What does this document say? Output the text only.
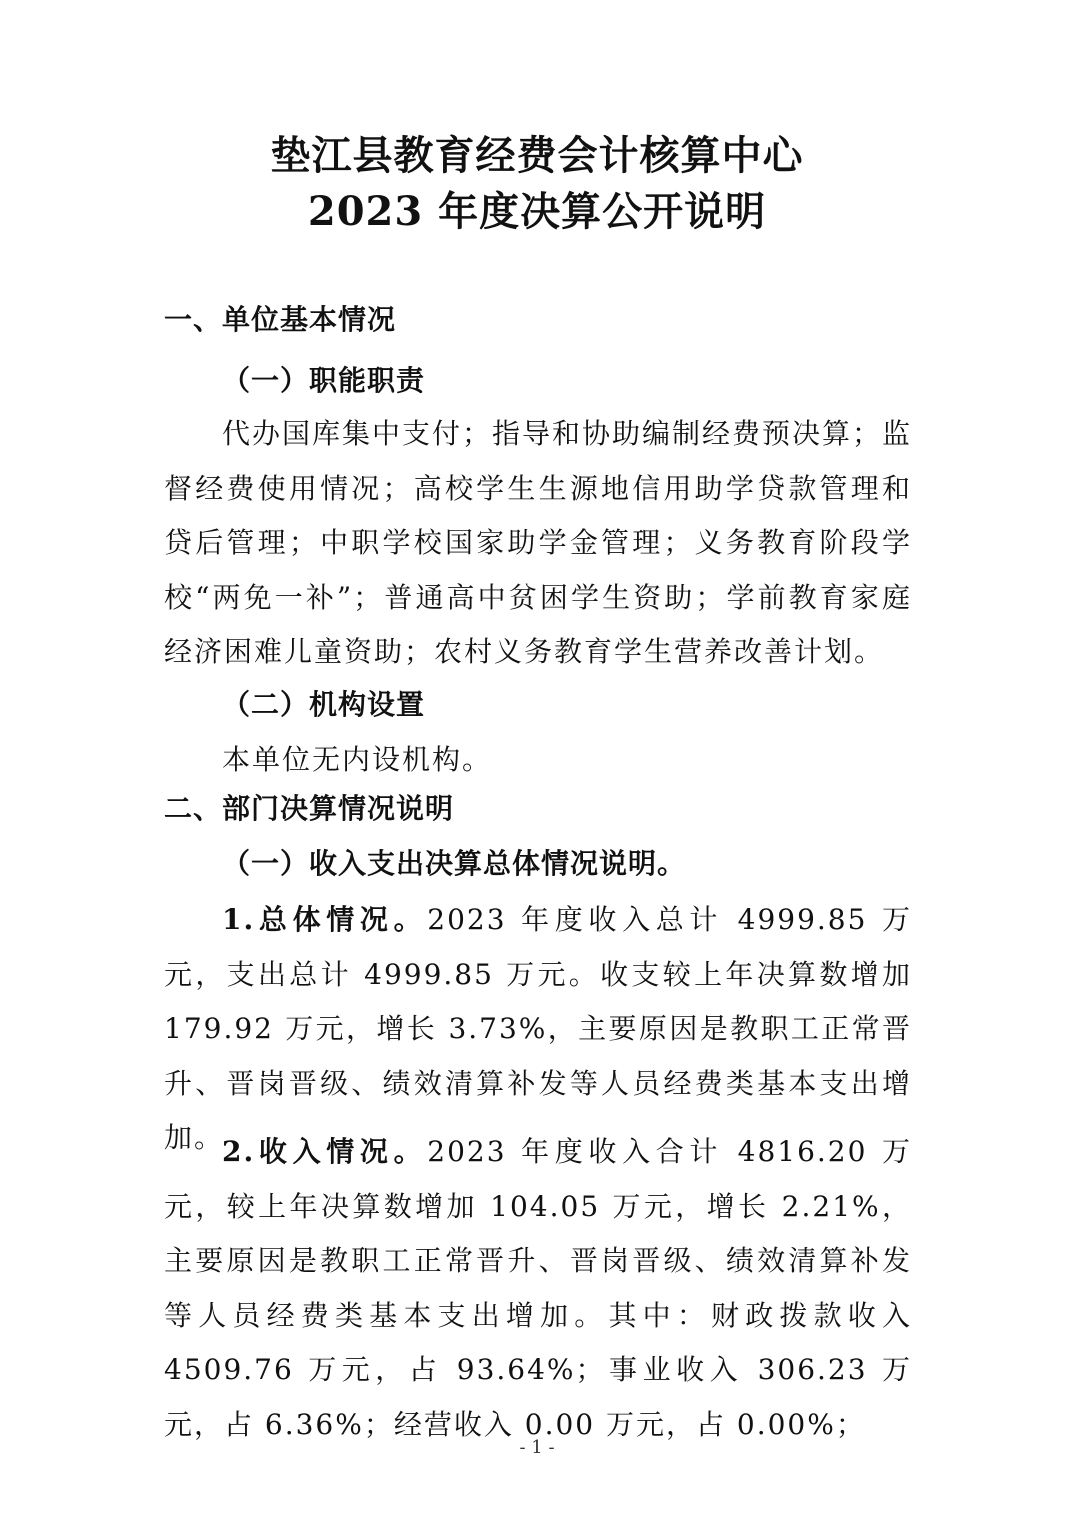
垫江县教育经费会计核算中心
2023 年度决算公开说明
一、单位基本情况
（一）职能职责

代办国库集中支付；指导和协助编制经费预决算；监督经费使用情况；高校学生生源地信用助学贷款管理和贷后管理；中职学校国家助学金管理；义务教育阶段学校“两免一补”；普通高中贫困学生资助；学前教育家庭经济困难儿童资助；农村义务教育学生营养改善计划。

（二）机构设置

本单位无内设机构。

二、部门决算情况说明
（一）收入支出决算总体情况说明。

1.总体情况。2023 年度收入总计 4999.85 万元，支出总计 4999.85 万元。收支较上年决算数增加 179.92 万元，增长 3.73%，主要原因是教职工正常晋升、晋岗晋级、绩效清算补发等人员经费类基本支出增加。

2.收入情况。2023 年度收入合计 4816.20 万元，较上年决算数增加 104.05 万元，增长 2.21%，主要原因是教职工正常晋升、晋岗晋级、绩效清算补发等人员经费类基本支出增加。其中：财政拨款收入 4509.76 万元，占 93.64%；事业收入 306.23 万元，占 6.36%；经营收入 0.00 万元，占 0.00%；

- 1 -
